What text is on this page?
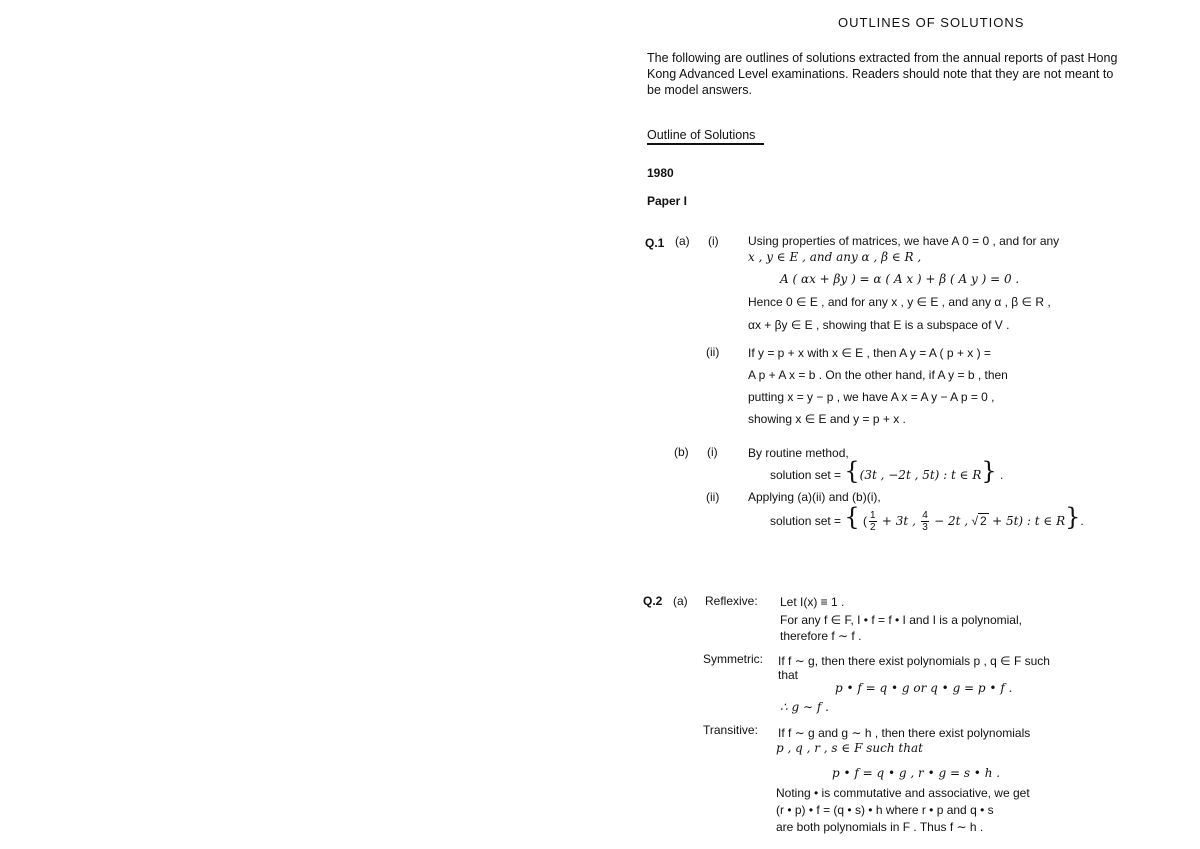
OUTLINES OF SOLUTIONS
The following are outlines of solutions extracted from the annual reports of past Hong
Kong Advanced Level examinations. Readers should note that they are not meant to
be model answers.
Outline of Solutions
1980
Paper I
Q.1 (a) (i) Using properties of matrices, we have A 0 = 0 , and for any
x , y ∈ E , and any α , β ∈ R ,
A ( αx + βy ) = α ( A x ) + β ( A y ) = 0 .
Hence 0 ∈ E , and for any x , y ∈ E , and any α , β ∈ R ,
αx + βy ∈ E , showing that E is a subspace of V .
(ii) If y = p + x with x ∈ E , then A y = A ( p + x ) =
A p + A x = b . On the other hand, if A y = b , then
putting x = y − p , we have A x = A y − A p = 0 ,
showing x ∈ E and y = p + x .
(b) (i)	By routine method,
solution set = {(3t , −2t , 5t) : t ∈ R} .
(ii) Applying (a)(ii) and (b)(i),
solution set = { ( $\frac{1}{2} + 3t$ , $\frac{4}{3} - 2t$ , √ 2 + 5t) : t ∈ R}.
Q.2 (a) Reflexive: Let I(x) ≡ 1 .
For any f ∈ F, I • f = f • I and I is a polynomial,
therefore f ∼ f .
Symmetric: If f ∼ g, then there exist polynomials p , q ∈ F such
that
p • f = q • g or q • g = p • f .
∴ g ∼ f .
Transitive: If f ∼ g and g ∼ h , then there exist polynomials
p , q , r , s ∈ F such that
p • f = q • g , r • g = s • h .
Noting • is commutative and associative, we get
(r • p) • f = (q • s) • h where r • p and q • s
are both polynomials in F . Thus f ∼ h .
